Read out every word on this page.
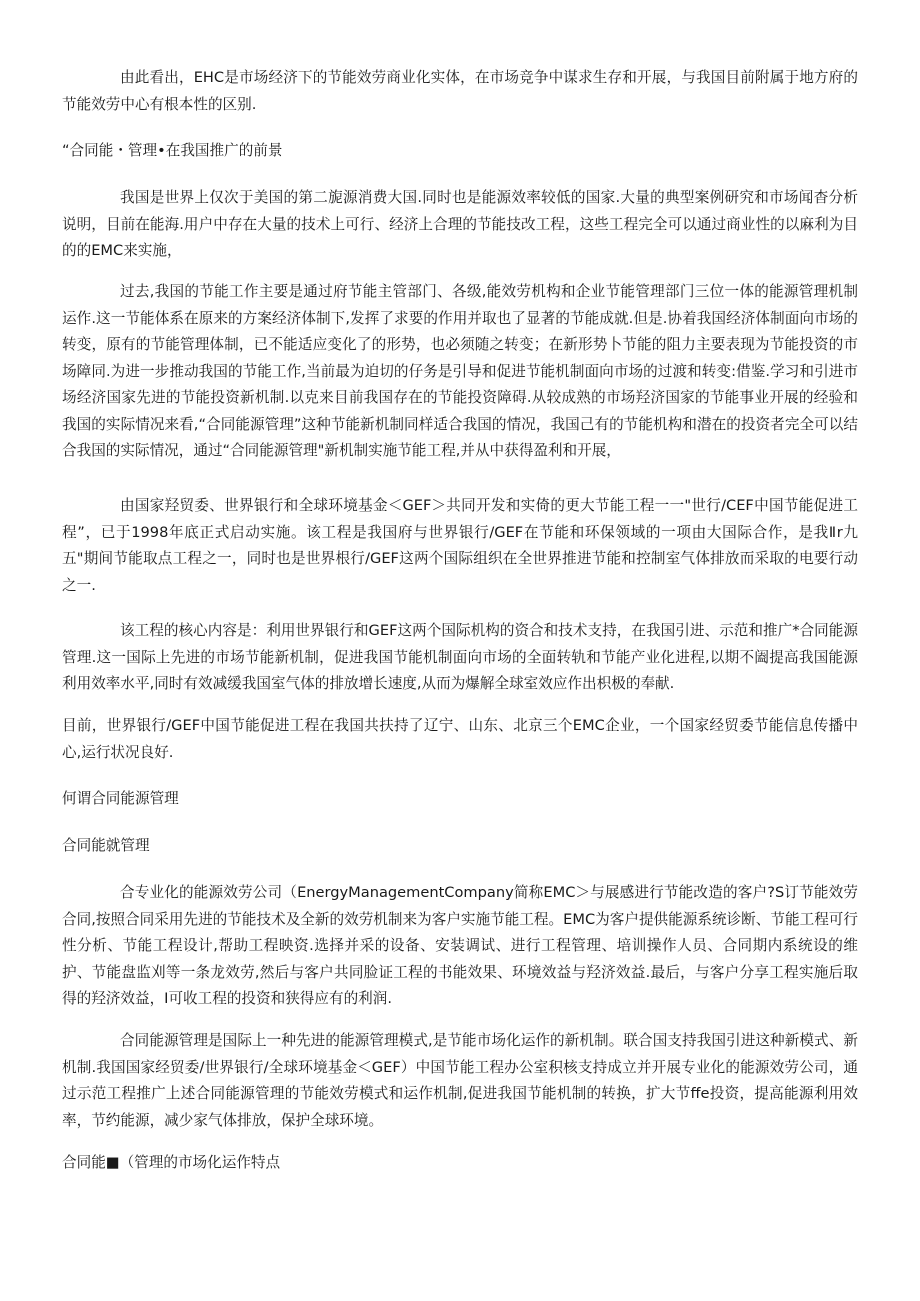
由此看出，EHC是市场经济下的节能效劳商业化实体，在市场竞争中谋求生存和开展，与我国目前附属于地方府的节能效劳中心有根本性的区别.

“合同能・管理•在我国推广的前景

我国是世界上仅次于美国的第二旎源消费大国.同时也是能源效率较低的国家.大量的典型案例研究和市场闻杳分析说明，目前在能海.用户中存在大量的技术上可行、经济上合理的节能技改工程，这些工程完全可以通过商业性的以麻利为目的的EMC来实施，

过去,我国的节能工作主要是通过府节能主管部门、各级,能效劳机构和企业节能管理部门三位一体的能源管理机制运作.这一节能体系在原来的方案经济体制下,发挥了求要的作用并取也了显著的节能成就.但是.协着我国经济体制面向市场的转变，原有的节能管理体制，已不能适应变化了的形势，也必须随之转变；在新形势卜节能的阻力主要表现为节能投资的市场障同.为进一步推动我国的节能工作,当前最为迫切的仔务是引导和促进节能机制面向市场的过渡和转变:借鉴.学习和引进市场经济国家先进的节能投资新机制.以克来目前我国存在的节能投资障碍.从较成熟的市场羟济国家的节能事业开展的经验和我国的实际情况来看,“合同能源管理”这种节能新机制同样适合我国的情况，我国己有的节能机构和潜在的投资者完全可以结合我国的实际情况，通过“合同能源管理"新机制实施节能工程,并从中获得盈利和开展，

由国家羟贸委、世界银行和全球环境基金＜GEF＞共同开发和实倚的更大节能工程一一"世行/CEF中国节能促进工程”，已于1998年底正式启动实施。该工程是我国府与世界银行/GEF在节能和环保领域的一项由大国际合作，是我Ⅱr九五"期间节能取点工程之一，同时也是世界根行/GEF这两个国际组织在全世界推进节能和控制室气体排放而采取的电要行动之一.

该工程的核心内容是：利用世界银行和GEF这两个国际机构的资合和技术支持，在我国引进、示范和推广*合同能源管理.这一国际上先进的市场节能新机制，促进我国节能机制面向市场的全面转轨和节能产业化进程,以期不阖提高我国能源利用效率水平,同时有效减缓我国室气体的排放增长速度,从而为爆解全球室效应作出枳极的奉献.

目前，世界银行/GEF中国节能促进工程在我国共扶持了辽宁、山东、北京三个EMC企业，一个国家经贸委节能信息传播中心,运行状况良好.

何谓合同能源管理

合同能就管理

合专业化的能源效劳公司（EnergyManagementCompany简称EMC＞与展感进行节能改造的客户?S订节能效劳合同,按照合同采用先进的节能技术及全新的效劳机制来为客户实施节能工程。EMC为客户提供能源系统诊断、节能工程可行性分析、节能工程设计,帮助工程映资.选择并采的设备、安装调试、进行工程管理、培训操作人员、合同期内系统设的维护、节能盘监刈等一条龙效劳,然后与客户共同脸证工程的书能效果、环境效益与羟济效益.最后，与客户分享工程实施后取得的羟济效益，I可收工程的投资和狭得应有的利润.

合同能源管理是国际上一种先进的能源管理模式,是节能市场化运作的新机制。联合国支持我国引进这种新模式、新机制.我国国家经贸委/世界银行/全球环境基金＜GEF）中国节能工程办公室积核支持成立并开展专业化的能源效劳公司，通过示范工程推广上述合同能源管理的节能效劳模式和运作机制,促进我国节能机制的转换，扩大节ffe投资，提高能源利用效率，节约能源，减少家气体排放，保护全球环境。

合同能■（管理的市场化运作特点
